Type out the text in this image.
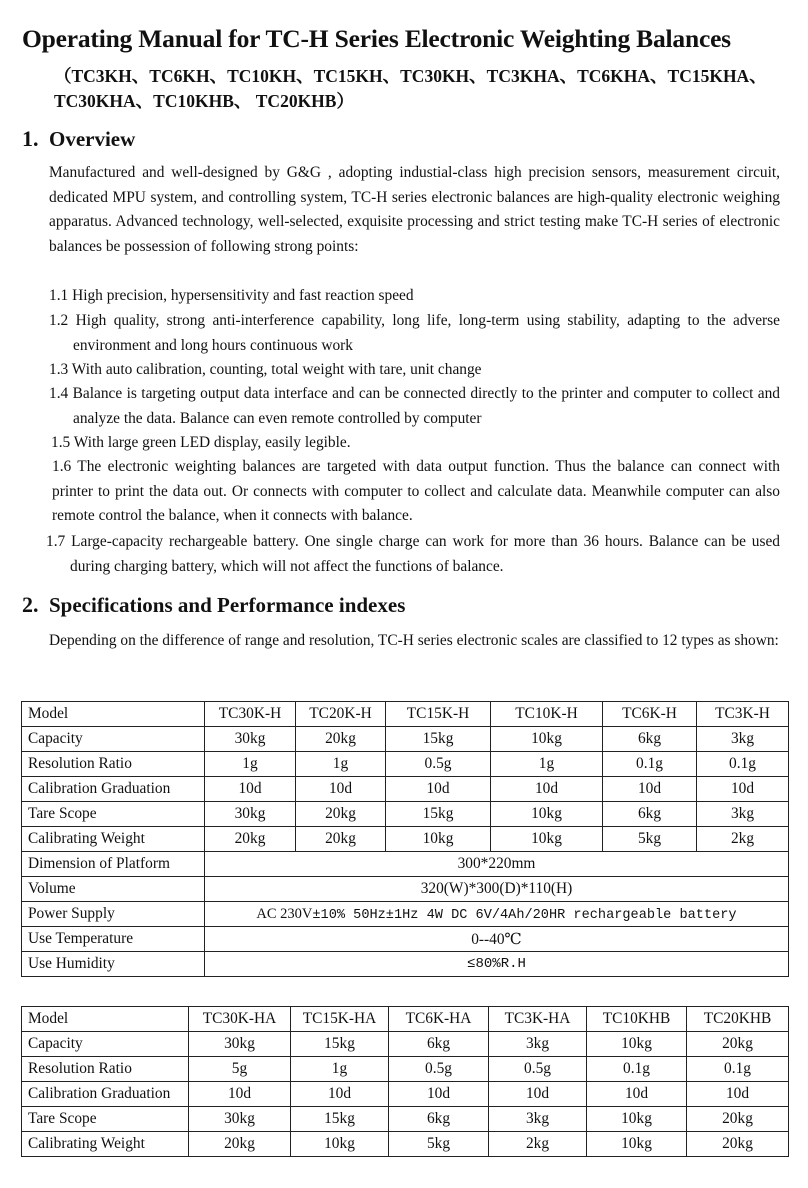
Operating Manual for TC-H Series Electronic Weighting Balances

（TC3KH、TC6KH、TC10KH、TC15KH、TC30KH、TC3KHA、TC6KHA、TC15KHA、TC30KHA、TC10KHB、 TC20KHB）

1. Overview

Manufactured and well-designed by G&G , adopting industial-class high precision sensors, measurement circuit, dedicated MPU system, and controlling system, TC-H series electronic balances are high-quality electronic weighing apparatus. Advanced technology, well-selected, exquisite processing and strict testing make TC-H series of electronic balances be possession of following strong points:

1.1 High precision, hypersensitivity and fast reaction speed

1.2 High quality, strong anti-interference capability, long life, long-term using stability, adapting to the adverse environment and long hours continuous work

1.3 With auto calibration, counting, total weight with tare, unit change

1.4 Balance is targeting output data interface and can be connected directly to the printer and computer to collect and analyze the data. Balance can even remote controlled by computer

1.5 With large green LED display, easily legible.

1.6 The electronic weighting balances are targeted with data output function. Thus the balance can connect with printer to print the data out. Or connects with computer to collect and calculate data. Meanwhile computer can also remote control the balance, when it connects with balance.

1.7 Large-capacity rechargeable battery. One single charge can work for more than 36 hours. Balance can be used during charging battery, which will not affect the functions of balance.

2. Specifications and Performance indexes

Depending on the difference of range and resolution, TC-H series electronic scales are classified to 12 types as shown:

Model	TC30K-H	TC20K-H	TC15K-H	TC10K-H	TC6K-H	TC3K-H
Capacity	30kg	20kg	15kg	10kg	6kg	3kg
Resolution Ratio	1g	1g	0.5g	1g	0.1g	0.1g
Calibration Graduation	10d	10d	10d	10d	10d	10d
Tare Scope	30kg	20kg	15kg	10kg	6kg	3kg
Calibrating Weight	20kg	20kg	10kg	10kg	5kg	2kg
Dimension of Platform	300*220mm					
Volume	320(W)*300(D)*110(H)					
Power Supply	AC 230V±10% 50Hz±1Hz 4W DC 6V/4Ah/20HR rechargeable battery					
Use Temperature	0--40℃					
Use Humidity	≤80%R.H					
Model	TC30K-HA	TC15K-HA	TC6K-HA	TC3K-HA	TC10KHB	TC20KHB
Capacity	30kg	15kg	6kg	3kg	10kg	20kg
Resolution Ratio	5g	1g	0.5g	0.5g	0.1g	0.1g
Calibration Graduation	10d	10d	10d	10d	10d	10d
Tare Scope	30kg	15kg	6kg	3kg	10kg	20kg
Calibrating Weight	20kg	10kg	5kg	2kg	10kg	20kg
